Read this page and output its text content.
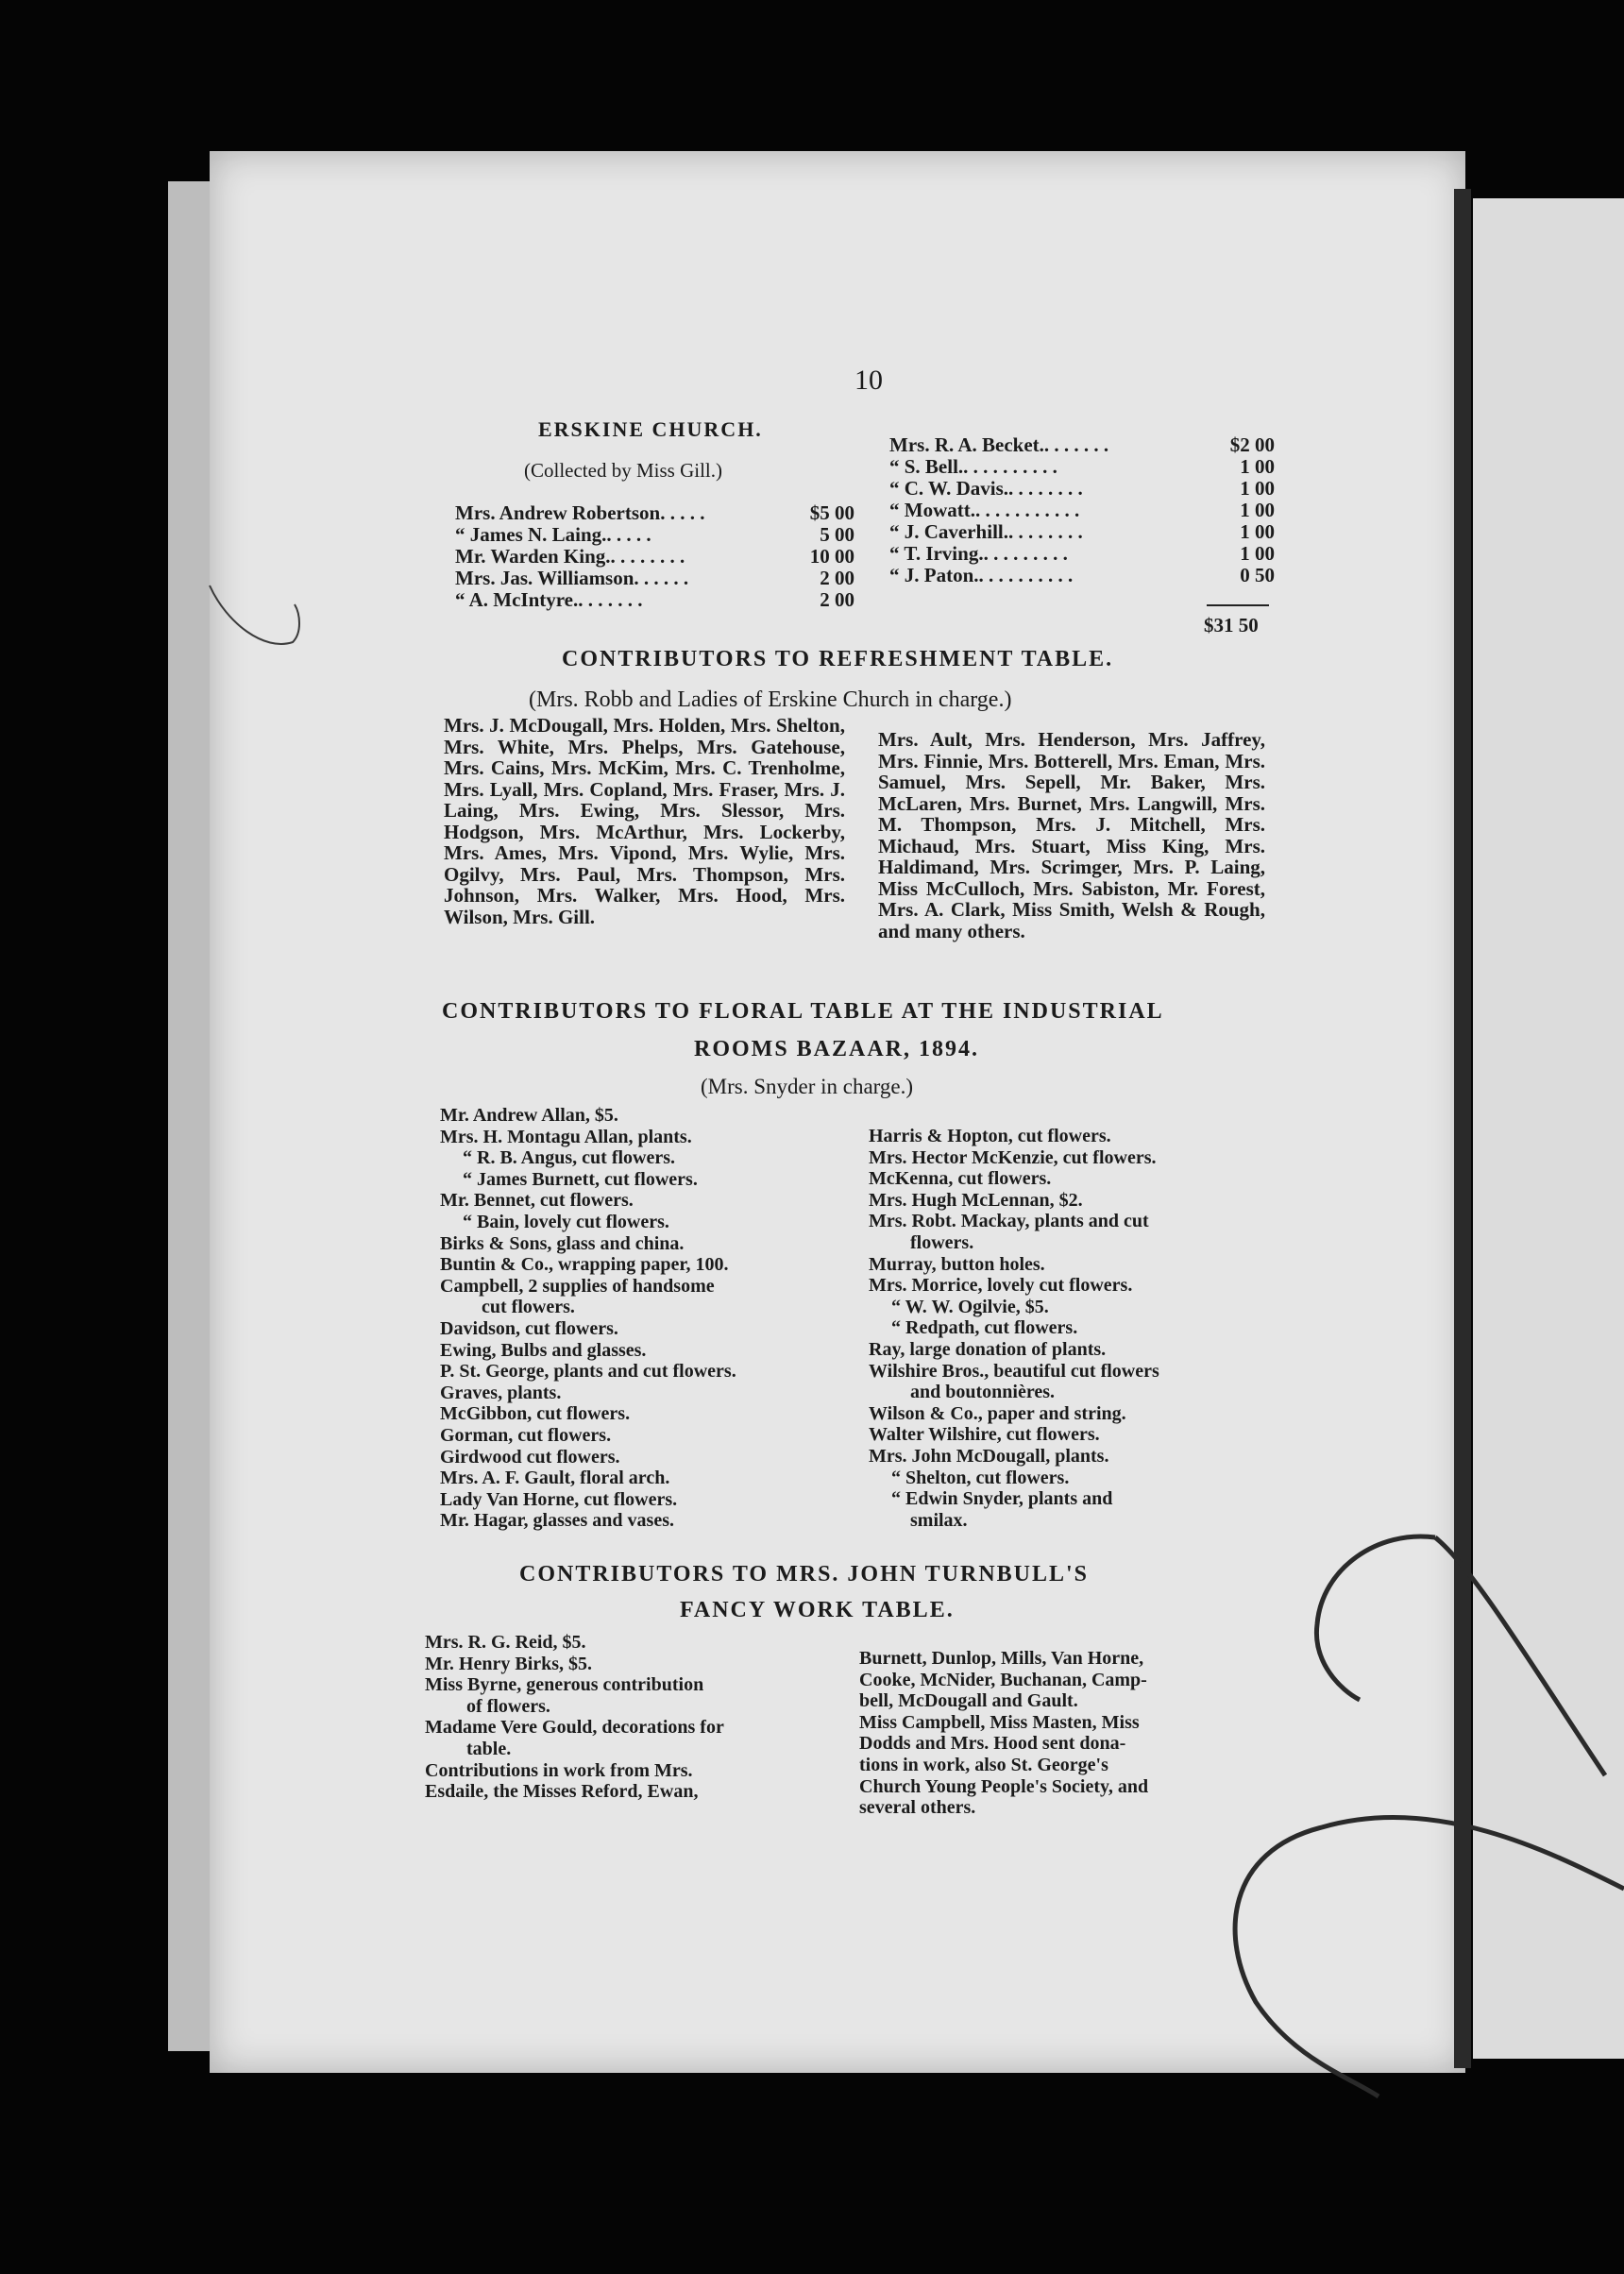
10
ERSKINE CHURCH.
(Collected by Miss Gill.)
Mrs. Andrew Robertson. . . . .	$5 00
“ James N. Laing.. . . . .	5 00
Mr. Warden King.. . . . . . . .	10 00
Mrs. Jas. Williamson. . . . . .	2 00
“ A. McIntyre.. . . . . . .	2 00
Mrs. R. A. Becket.. . . . . . .	$2 00
“ S. Bell.. . . . . . . . . .	1 00
“ C. W. Davis.. . . . . . . .	1 00
“ Mowatt.. . . . . . . . . . .	1 00
“ J. Caverhill.. . . . . . . .	1 00
“ T. Irving.. . . . . . . . .	1 00
“ J. Paton.. . . . . . . . . .	0 50
$31 50
CONTRIBUTORS TO REFRESHMENT TABLE.
(Mrs. Robb and Ladies of Erskine Church in charge.)
Mrs. J. McDougall, Mrs. Holden, Mrs. Shelton, Mrs. White, Mrs. Phelps, Mrs. Gatehouse, Mrs. Cains, Mrs. McKim, Mrs. C. Trenholme, Mrs. Lyall, Mrs. Copland, Mrs. Fraser, Mrs. J. Laing, Mrs. Ewing, Mrs. Slessor, Mrs. Hodgson, Mrs. McArthur, Mrs. Lockerby, Mrs. Ames, Mrs. Vipond, Mrs. Wylie, Mrs. Ogilvy, Mrs. Paul, Mrs. Thompson, Mrs. Johnson, Mrs. Walker, Mrs. Hood, Mrs. Wilson, Mrs. Gill.
Mrs. Ault, Mrs. Henderson, Mrs. Jaffrey, Mrs. Finnie, Mrs. Botterell, Mrs. Eman, Mrs. Samuel, Mrs. Sepell, Mr. Baker, Mrs. McLaren, Mrs. Burnet, Mrs. Langwill, Mrs. M. Thompson, Mrs. J. Mitchell, Mrs. Michaud, Mrs. Stuart, Miss King, Mrs. Haldimand, Mrs. Scrimger, Mrs. P. Laing, Miss McCulloch, Mrs. Sabiston, Mr. Forest, Mrs. A. Clark, Miss Smith, Welsh & Rough, and many others.
CONTRIBUTORS TO FLORAL TABLE AT THE INDUSTRIAL
ROOMS BAZAAR, 1894.
(Mrs. Snyder in charge.)
Mr. Andrew Allan, $5.
Mrs. H. Montagu Allan, plants.
“ R. B. Angus, cut flowers.
“ James Burnett, cut flowers.
Mr. Bennet, cut flowers.
“ Bain, lovely cut flowers.
Birks & Sons, glass and china.
Buntin & Co., wrapping paper, 100.
Campbell, 2 supplies of handsome
cut flowers.
Davidson, cut flowers.
Ewing, Bulbs and glasses.
P. St. George, plants and cut flowers.
Graves, plants.
McGibbon, cut flowers.
Gorman, cut flowers.
Girdwood cut flowers.
Mrs. A. F. Gault, floral arch.
Lady Van Horne, cut flowers.
Mr. Hagar, glasses and vases.
Harris & Hopton, cut flowers.
Mrs. Hector McKenzie, cut flowers.
McKenna, cut flowers.
Mrs. Hugh McLennan, $2.
Mrs. Robt. Mackay, plants and cut
flowers.
Murray, button holes.
Mrs. Morrice, lovely cut flowers.
“ W. W. Ogilvie, $5.
“ Redpath, cut flowers.
Ray, large donation of plants.
Wilshire Bros., beautiful cut flowers
and boutonnières.
Wilson & Co., paper and string.
Walter Wilshire, cut flowers.
Mrs. John McDougall, plants.
“ Shelton, cut flowers.
“ Edwin Snyder, plants and
smilax.
CONTRIBUTORS TO MRS. JOHN TURNBULL'S
FANCY WORK TABLE.
Mrs. R. G. Reid, $5.
Mr. Henry Birks, $5.
Miss Byrne, generous contribution
of flowers.
Madame Vere Gould, decorations for
table.
Contributions in work from Mrs.
Esdaile, the Misses Reford, Ewan,
Burnett, Dunlop, Mills, Van Horne,
Cooke, McNider, Buchanan, Camp-
bell, McDougall and Gault.
Miss Campbell, Miss Masten, Miss
Dodds and Mrs. Hood sent dona-
tions in work, also St. George's
Church Young People's Society, and
several others.
